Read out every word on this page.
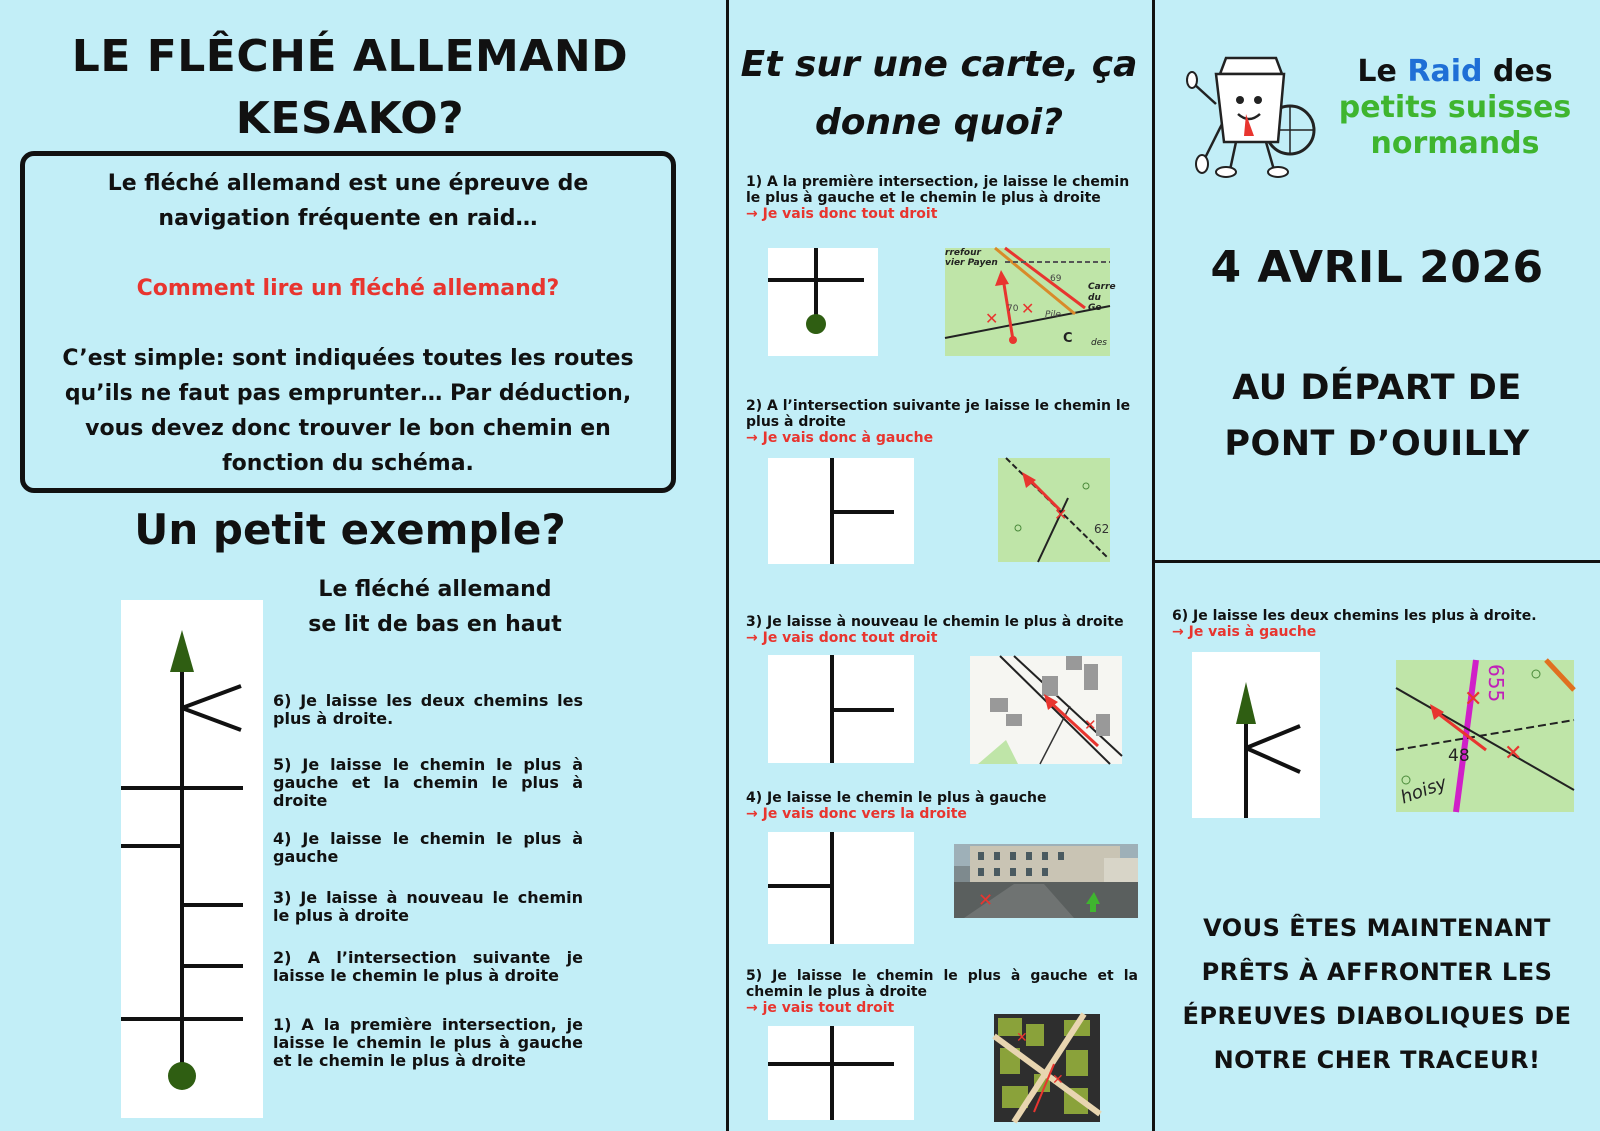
LE FLÊCHÉ ALLEMAND
KESAKO?
Le fléché allemand est une épreuve de navigation fréquente en raid…
Comment lire un fléché allemand?
C’est simple: sont indiquées toutes les routes qu’ils ne faut pas emprunter… Par déduction, vous devez donc trouver le bon chemin en fonction du schéma.
Un petit exemple?
Le fléché allemand
se lit de bas en haut
6) Je laisse les deux chemins les plus à droite.
5) Je laisse le chemin le plus à gauche et la chemin le plus à droite
4) Je laisse le chemin le plus à gauche
3) Je laisse à nouveau le chemin le plus à droite
2) A l’intersection suivante je laisse le chemin le plus à droite
1) A la première intersection, je laisse le chemin le plus à gauche et le chemin le plus à droite
Et sur une carte, ça
donne quoi?
1) A la première intersection, je laisse le chemin le plus à gauche et le chemin le plus à droite
→ Je vais donc tout droit
✕
✕
C
rrefour
vier Payen
69
70
Pile
Carre
du Ge
des
2) A l’intersection suivante je laisse le chemin le plus à droite
→ Je vais donc à gauche
✕
62
3) Je laisse à nouveau le chemin le plus à droite
→ Je vais donc tout droit
✕
4) Je laisse le chemin le plus à gauche
→ Je vais donc vers la droite
✕
5) Je laisse le chemin le plus à gauche et la chemin le plus à droite
→ je vais tout droit
✕
✕
Le Raid des
petits suisses
normands
4 AVRIL 2026
AU DÉPART DE
PONT D’OUILLY
6) Je laisse les deux chemins les plus à droite.
→ Je vais à gauche
✕
✕
655
48
hoisy
VOUS ÊTES MAINTENANT
PRÊTS À AFFRONTER LES
ÉPREUVES DIABOLIQUES DE
NOTRE CHER TRACEUR!
